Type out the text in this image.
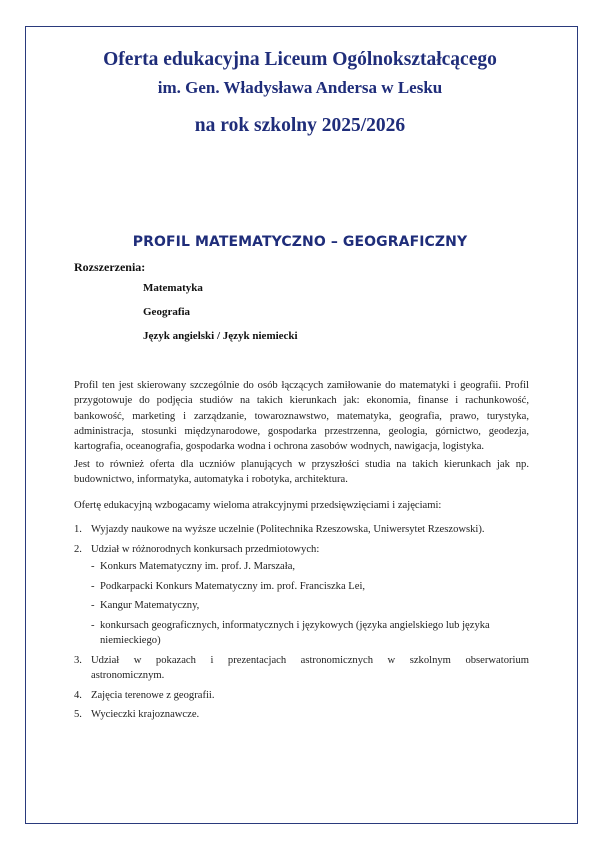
Oferta edukacyjna Liceum Ogólnokształcącego
im. Gen. Władysława Andersa w Lesku
na rok szkolny 2025/2026
PROFIL MATEMATYCZNO – GEOGRAFICZNY

Rozszerzenia:

Matematyka
Geografia
Język angielski / Język niemiecki

Profil ten jest skierowany szczególnie do osób łączących zamiłowanie do matematyki i geografii. Profil przygotowuje do podjęcia studiów na takich kierunkach jak: ekonomia, finanse i rachunkowość, bankowość, marketing i zarządzanie, towaroznawstwo, matematyka, geografia, prawo, turystyka, administracja, stosunki międzynarodowe, gospodarka przestrzenna, geologia, górnictwo, geodezja, kartografia, oceanografia, gospodarka wodna i ochrona zasobów wodnych, nawigacja, logistyka.

Jest to również oferta dla uczniów planujących w przyszłości studia na takich kierunkach jak np. budownictwo, informatyka, automatyka i robotyka, architektura.

Ofertę edukacyjną wzbogacamy wieloma atrakcyjnymi przedsięwzięciami i zajęciami:

1. Wyjazdy naukowe na wyższe uczelnie (Politechnika Rzeszowska, Uniwersytet Rzeszowski).
2. Udział w różnorodnych konkursach przedmiotowych:
- Konkurs Matematyczny im. prof. J. Marszała,
- Podkarpacki Konkurs Matematyczny im. prof. Franciszka Lei,
- Kangur Matematyczny,
- konkursach geograficznych, informatycznych i językowych (języka angielskiego lub języka niemieckiego)
3. Udział w pokazach i prezentacjach astronomicznych w szkolnym obserwatorium
astronomicznym.
4. Zajęcia terenowe z geografii.
5. Wycieczki krajoznawcze.
